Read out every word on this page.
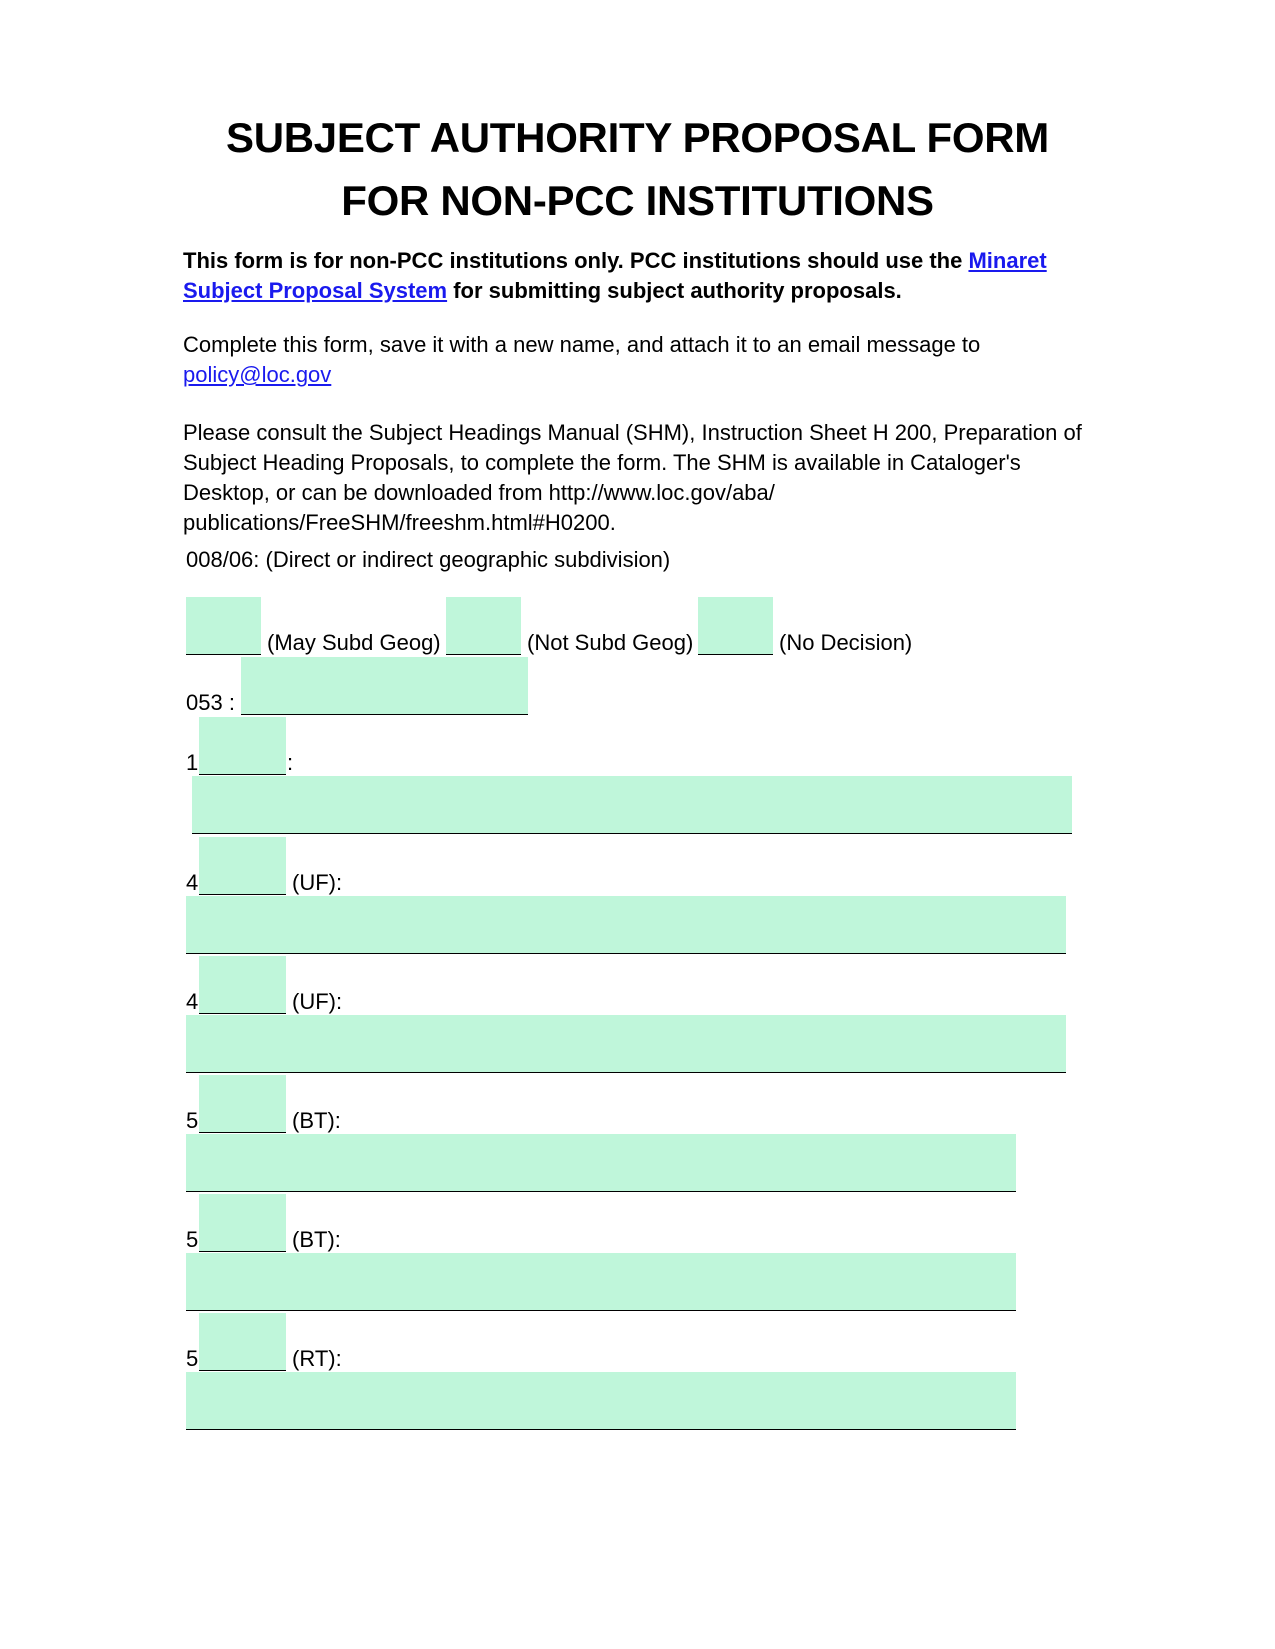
SUBJECT AUTHORITY PROPOSAL FORM
FOR NON-PCC INSTITUTIONS
This form is for non-PCC institutions only. PCC institutions should use the Minaret Subject Proposal System for submitting subject authority proposals.
Complete this form, save it with a new name, and attach it to an email message to policy@loc.gov
Please consult the Subject Headings Manual (SHM), Instruction Sheet H 200, Preparation of Subject Heading Proposals, to complete the form. The SHM is available in Cataloger's Desktop, or can be downloaded from http://www.loc.gov/aba/ publications/FreeSHM/freeshm.html#H0200.
008/06: (Direct or indirect geographic subdivision)
(May Subd Geog)	(Not Subd Geog)	(No Decision)
053 :
1	:
4	(UF):
4	(UF):
5	(BT):
5	(BT):
5	(RT):
